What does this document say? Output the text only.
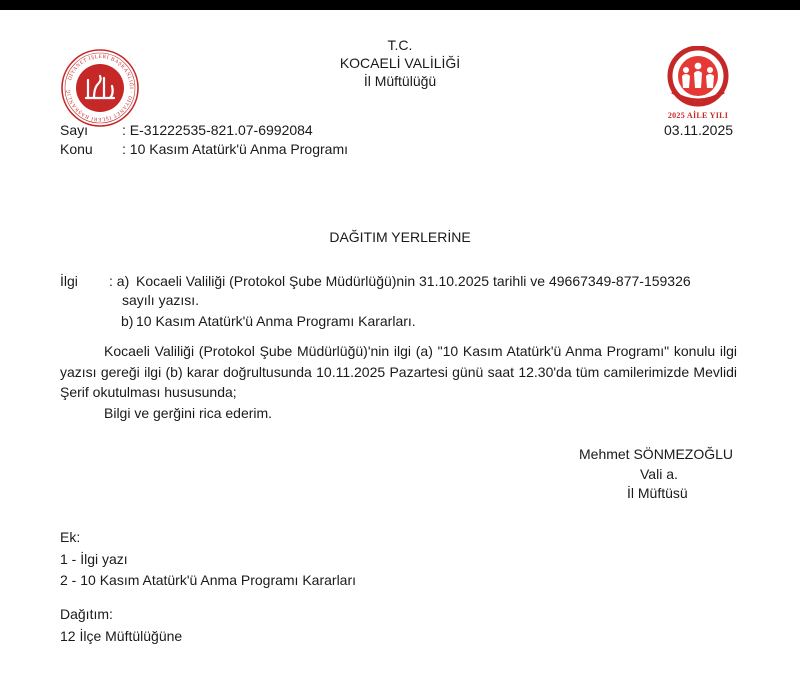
DİYANET İŞLERİ BAŞKANLIĞI · DİYANET İŞLERİ BAŞKANLIĞ
T.C.
KOCAELİ VALİLİĞİ
İl Müftülüğü
2025 AİLE YILI
Sayı : E-31222535-821.07-6992084	03.11.2025
Konu : 10 Kasım Atatürk'ü Anma Programı
DAĞITIM YERLERİNE
İlgi : a) Kocaeli Valiliği (Protokol Şube Müdürlüğü)nin 31.10.2025 tarihli ve 49667349-877-159326
sayılı yazısı.
b) 10 Kasım Atatürk'ü Anma Programı Kararları.

Kocaeli Valiliği (Protokol Şube Müdürlüğü)'nin ilgi (a) "10 Kasım Atatürk'ü Anma Programı" konulu ilgi yazısı gereği ilgi (b) karar doğrultusunda 10.11.2025 Pazartesi günü saat 12.30'da tüm camilerimizde Mevlidi Şerif okutulması hususunda;

Bilgi ve gerğini rica ederim.

Mehmet SÖNMEZOĞLU
Vali a.
İl Müftüsü
Ek:
1 - İlgi yazı
2 - 10 Kasım Atatürk'ü Anma Programı Kararları
Dağıtım:
12 İlçe Müftülüğüne
